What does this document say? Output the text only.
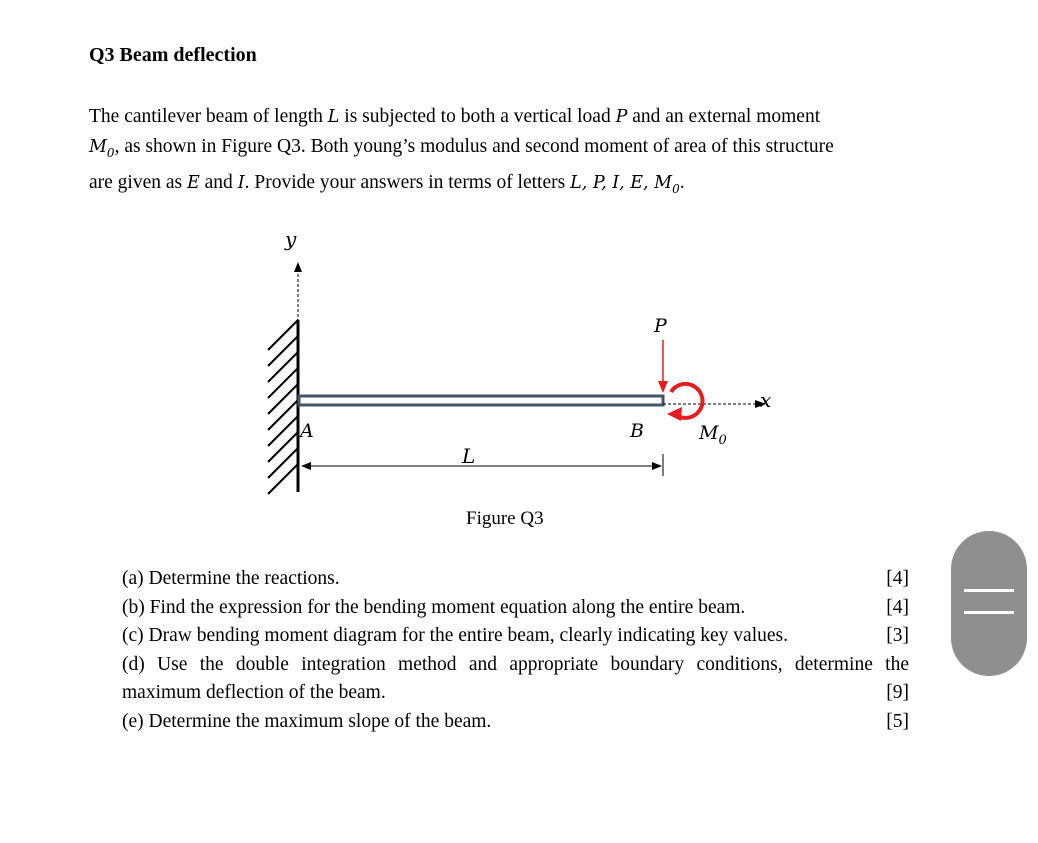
Q3 Beam deflection

The cantilever beam of length L is subjected to both a vertical load P and an external moment

$M_0$, as shown in Figure Q3. Both young’s modulus and second moment of area of this structure

are given as E and I. Provide your answers in terms of letters L, P, I, E, $M_0$.

y
x
P
A	B	$M_0$
L
Figure Q3
(a) Determine the reactions.	[4]
(b) Find the expression for the bending moment equation along the entire beam.	[4]
(c) Draw bending moment diagram for the entire beam, clearly indicating key values.	[3]
(d) Use the double integration method and appropriate boundary conditions, determine the
maximum deflection of the beam.	[9]
(e) Determine the maximum slope of the beam.	[5]
